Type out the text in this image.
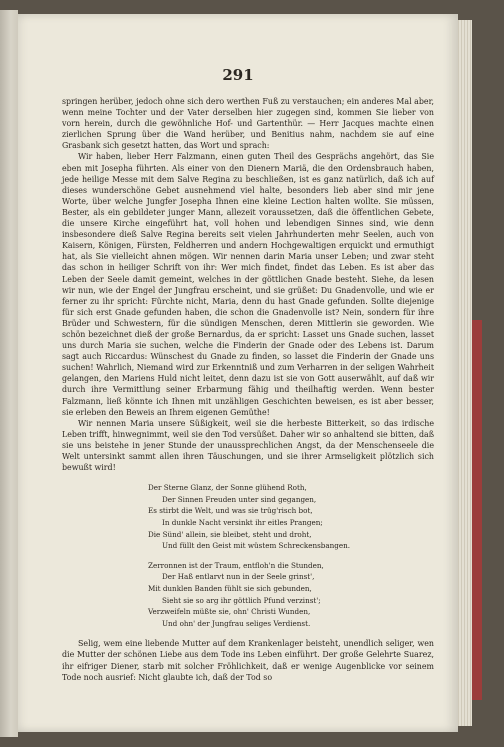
291

springen herüber, jedoch ohne sich dero werthen Fuß zu verstauchen; ein anderes Mal aber, wenn meine Tochter und der Vater derselben hier zugegen sind, kommen Sie lieber von vorn herein, durch die gewöhnliche Hof- und Gartenthür. — Herr Jacques machte einen zierlichen Sprung über die Wand herüber, und Benitius nahm, nachdem sie auf eine Grasbank sich gesetzt hatten, das Wort und sprach:

Wir haben, lieber Herr Falzmann, einen guten Theil des Gesprächs angehört, das Sie eben mit Josepha führten. Als einer von den Dienern Mariä, die den Ordensbrauch haben, jede heilige Messe mit dem Salve Regina zu beschließen, ist es ganz natürlich, daß ich auf dieses wunderschöne Gebet ausnehmend viel halte, besonders lieb aber sind mir jene Worte, über welche Jungfer Josepha Ihnen eine kleine Lection halten wollte. Sie müssen, Bester, als ein gebildeter junger Mann, allezeit voraussetzen, daß die öffentlichen Gebete, die unsere Kirche eingeführt hat, voll hohen und lebendigen Sinnes sind, wie denn insbesondere dieß Salve Regina bereits seit vielen Jahrhunderten mehr Seelen, auch von Kaisern, Königen, Fürsten, Feldherren und andern Hochgewaltigen erquickt und ermuthigt hat, als Sie vielleicht ahnen mögen. Wir nennen darin Maria unser Leben; und zwar steht das schon in heiliger Schrift von ihr: Wer mich findet, findet das Leben. Es ist aber das Leben der Seele damit gemeint, welches in der göttlichen Gnade besteht. Siehe, da lesen wir nun, wie der Engel der Jungfrau erscheint, und sie grüßet: Du Gnadenvolle, und wie er ferner zu ihr spricht: Fürchte nicht, Maria, denn du hast Gnade gefunden. Sollte diejenige für sich erst Gnade gefunden haben, die schon die Gnadenvolle ist? Nein, sondern für ihre Brüder und Schwestern, für die sündigen Menschen, deren Mittlerin sie geworden. Wie schön bezeichnet dieß der große Bernardus, da er spricht: Lasset uns Gnade suchen, lasset uns durch Maria sie suchen, welche die Finderin der Gnade oder des Lebens ist. Darum sagt auch Riccardus: Wünschest du Gnade zu finden, so lasset die Finderin der Gnade uns suchen! Wahrlich, Niemand wird zur Erkenntniß und zum Verharren in der seligen Wahrheit gelangen, den Mariens Huld nicht leitet, denn dazu ist sie von Gott auserwählt, auf daß wir durch ihre Vermittlung seiner Erbarmung fähig und theilhaftig werden. Wenn bester Falzmann, ließ könnte ich Ihnen mit unzähligen Geschichten beweisen, es ist aber besser, sie erleben den Beweis an Ihrem eigenen Gemüthe!

Wir nennen Maria unsere Süßigkeit, weil sie die herbeste Bitterkeit, so das irdische Leben trifft, hinwegnimmt, weil sie den Tod versüßet. Daher wir so anhaltend sie bitten, daß sie uns beistehe in jener Stunde der unaussprechlichen Angst, da der Menschenseele die Welt untersinkt sammt allen ihren Täuschungen, und sie ihrer Armseligkeit plötzlich sich bewußt wird!

Der Sterne Glanz, der Sonne glühend Roth,
Der Sinnen Freuden unter sind gegangen,
Es stirbt die Welt, und was sie trüg'risch bot,
In dunkle Nacht versinkt ihr eitles Prangen;
Die Sünd' allein, sie bleibet, steht und droht,
Und füllt den Geist mit wüstem Schreckensbangen.
Zerronnen ist der Traum, entfloh'n die Stunden,
Der Haß entlarvt nun in der Seele grinst',
Mit dunklen Banden fühlt sie sich gebunden,
Sieht sie so arg ihr göttlich Pfund verzinst';
Verzweifeln müßte sie, ohn' Christi Wunden,
Und ohn' der Jungfrau seliges Verdienst.

Selig, wem eine liebende Mutter auf dem Krankenlager beisteht, unendlich seliger, wen die Mutter der schönen Liebe aus dem Tode ins Leben einführt. Der große Gelehrte Suarez, ihr eifriger Diener, starb mit solcher Fröhlichkeit, daß er wenige Augenblicke vor seinem Tode noch ausrief: Nicht glaubte ich, daß der Tod so
